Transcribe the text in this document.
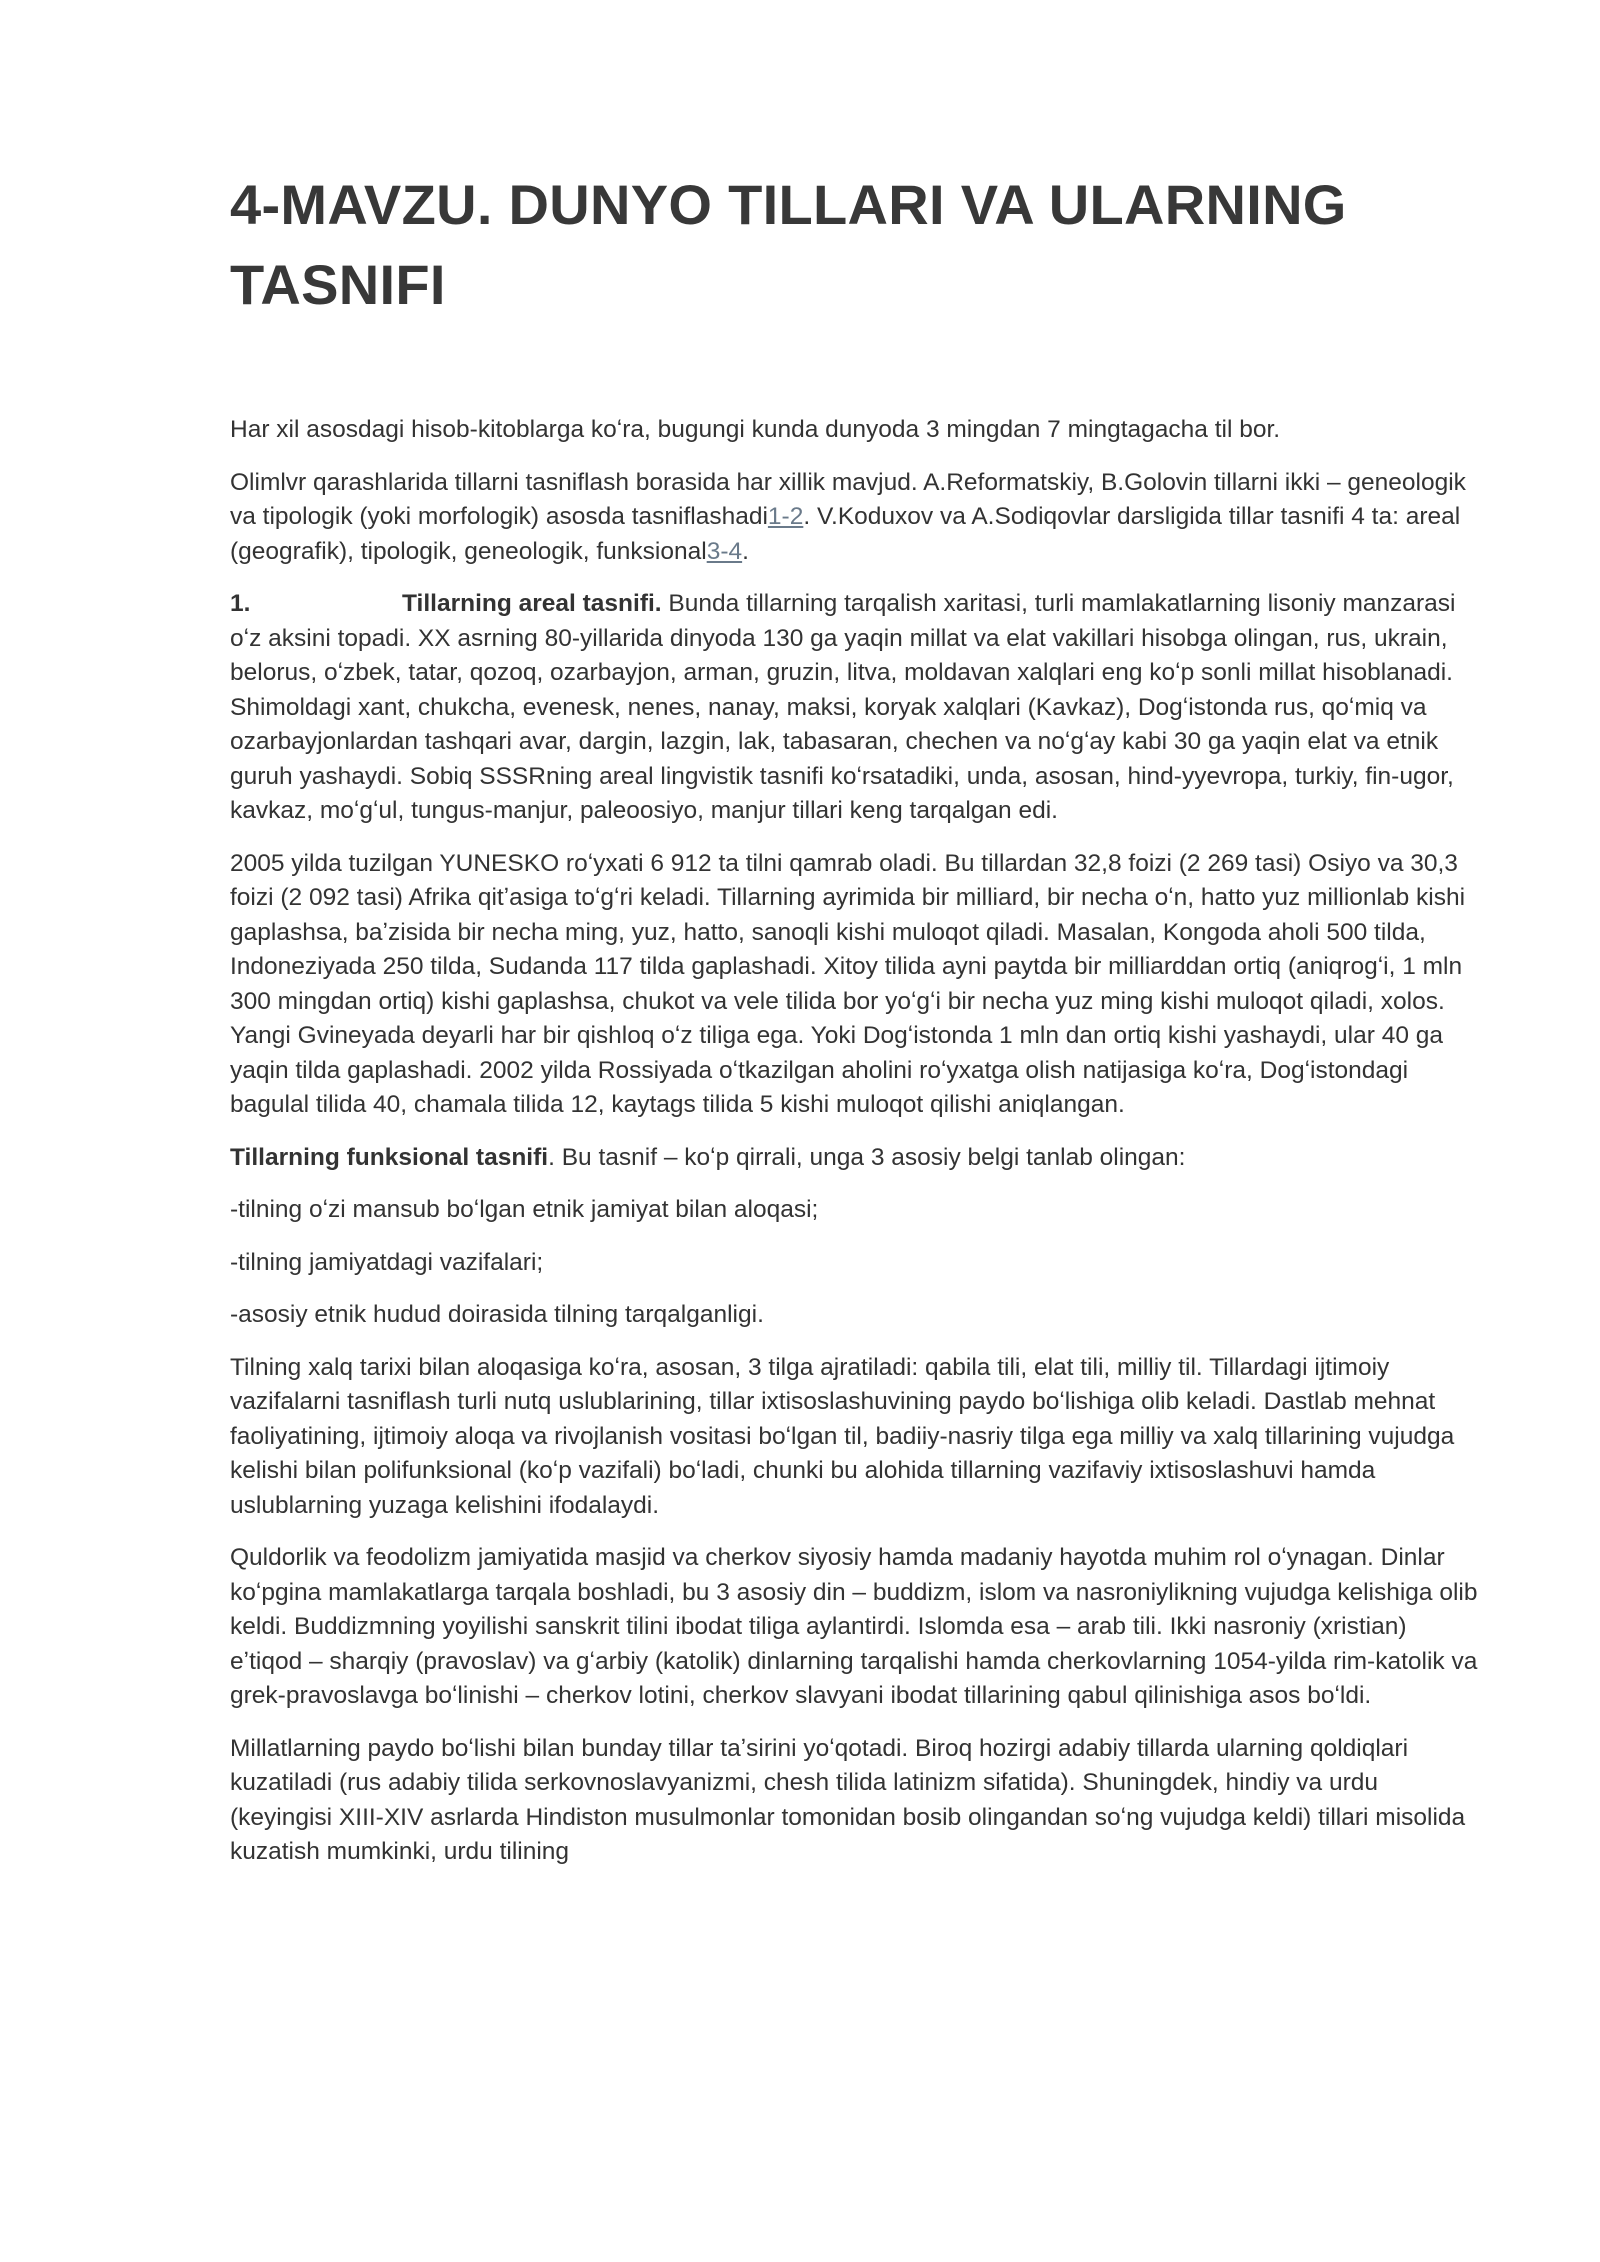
4-MAVZU. DUNYO TILLARI VA ULARNING TASNIFI

Har xil asosdagi hisob-kitoblarga koʻra, bugungi kunda dunyoda 3 mingdan 7 mingtagacha til bor.

Olimlvr qarashlarida tillarni tasniflash borasida har xillik mavjud. A.Reformatskiy, B.Golovin tillarni ikki – geneologik va tipologik (yoki morfologik) asosda tasniflashadi1-2. V.Koduxov va A.Sodiqovlar darsligida tillar tasnifi 4 ta: areal (geografik), tipologik, geneologik, funksional3-4.

1.	Tillarning areal tasnifi. Bunda tillarning tarqalish xaritasi, turli mamlakatlarning lisoniy manzarasi oʻz aksini topadi. XX asrning 80-yillarida dinyoda 130 ga yaqin millat va elat vakillari hisobga olingan, rus, ukrain, belorus, oʻzbek, tatar, qozoq, ozarbayjon, arman, gruzin, litva, moldavan xalqlari eng koʻp sonli millat hisoblanadi. Shimoldagi xant, chukcha, evenesk, nenes, nanay, maksi, koryak xalqlari (Kavkaz), Dogʻistonda rus, qoʻmiq va ozarbayjonlardan tashqari avar, dargin, lazgin, lak, tabasaran, chechen va noʻgʻay kabi 30 ga yaqin elat va etnik guruh yashaydi. Sobiq SSSRning areal lingvistik tasnifi koʻrsatadiki, unda, asosan, hind-yyevropa, turkiy, fin-ugor, kavkaz, moʻgʻul, tungus-manjur, paleoosiyo, manjur tillari keng tarqalgan edi.

2005 yilda tuzilgan YUNESKO roʻyxati 6 912 ta tilni qamrab oladi. Bu tillardan 32,8 foizi (2 269 tasi) Osiyo va 30,3 foizi (2 092 tasi) Afrika qitʼasiga toʻgʻri keladi. Tillarning ayrimida bir milliard, bir necha oʻn, hatto yuz millionlab kishi gaplashsa, baʼzisida bir necha ming, yuz, hatto, sanoqli kishi muloqot qiladi. Masalan, Kongoda aholi 500 tilda, Indoneziyada 250 tilda, Sudanda 117 tilda gaplashadi. Xitoy tilida ayni paytda bir milliarddan ortiq (aniqrogʻi, 1 mln 300 mingdan ortiq) kishi gaplashsa, chukot va vele tilida bor yoʻgʻi bir necha yuz ming kishi muloqot qiladi, xolos. Yangi Gvineyada deyarli har bir qishloq oʻz tiliga ega. Yoki Dogʻistonda 1 mln dan ortiq kishi yashaydi, ular 40 ga yaqin tilda gaplashadi. 2002 yilda Rossiyada oʻtkazilgan aholini roʻyxatga olish natijasiga koʻra, Dogʻistondagi bagulal tilida 40, chamala tilida 12, kaytags tilida 5 kishi muloqot qilishi aniqlangan.

Tillarning funksional tasnifi. Bu tasnif – koʻp qirrali, unga 3 asosiy belgi tanlab olingan:

-tilning oʻzi mansub boʻlgan etnik jamiyat bilan aloqasi;

-tilning jamiyatdagi vazifalari;

-asosiy etnik hudud doirasida tilning tarqalganligi.

Tilning xalq tarixi bilan aloqasiga koʻra, asosan, 3 tilga ajratiladi: qabila tili, elat tili, milliy til. Tillardagi ijtimoiy vazifalarni tasniflash turli nutq uslublarining, tillar ixtisoslashuvining paydo boʻlishiga olib keladi. Dastlab mehnat faoliyatining, ijtimoiy aloqa va rivojlanish vositasi boʻlgan til, badiiy-nasriy tilga ega milliy va xalq tillarining vujudga kelishi bilan polifunksional (koʻp vazifali) boʻladi, chunki bu alohida tillarning vazifaviy ixtisoslashuvi hamda uslublarning yuzaga kelishini ifodalaydi.

Quldorlik va feodolizm jamiyatida masjid va cherkov siyosiy hamda madaniy hayotda muhim rol oʻynagan. Dinlar koʻpgina mamlakatlarga tarqala boshladi, bu 3 asosiy din – buddizm, islom va nasroniylikning vujudga kelishiga olib keldi. Buddizmning yoyilishi sanskrit tilini ibodat tiliga aylantirdi. Islomda esa – arab tili. Ikki nasroniy (xristian) eʼtiqod – sharqiy (pravoslav) va gʻarbiy (katolik) dinlarning tarqalishi hamda cherkovlarning 1054-yilda rim-katolik va grek-pravoslavga boʻlinishi – cherkov lotini, cherkov slavyani ibodat tillarining qabul qilinishiga asos boʻldi.

Millatlarning paydo boʻlishi bilan bunday tillar taʼsirini yoʻqotadi. Biroq hozirgi adabiy tillarda ularning qoldiqlari kuzatiladi (rus adabiy tilida serkovnoslavyanizmi, chesh tilida latinizm sifatida). Shuningdek, hindiy va urdu (keyingisi XIII-XIV asrlarda Hindiston musulmonlar tomonidan bosib olingandan soʻng vujudga keldi) tillari misolida kuzatish mumkinki, urdu tilining
